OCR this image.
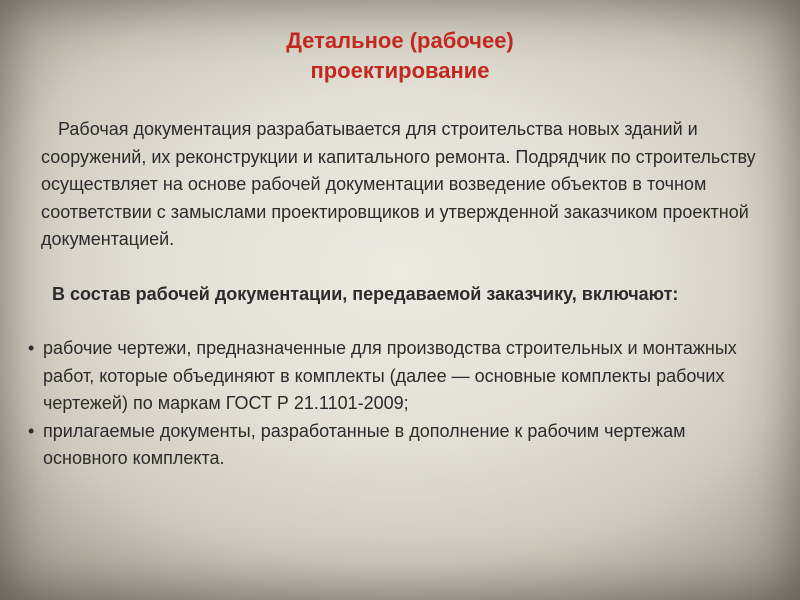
Детальное (рабочее)
проектирование

Рабочая документация разрабатывается для строительства новых зданий и сооружений, их реконструкции и капитального ремонта. Подрядчик по строительству осуществляет на основе рабочей документации возведение объектов в точном соответствии с замыслами проектировщиков и утвержденной заказчиком проектной документацией.

В состав рабочей документации, передаваемой заказчику, включают:

• рабочие чертежи, предназначенные для производства строительных и монтажных работ, которые объединяют в комплекты (далее — основные комплекты рабочих чертежей) по маркам ГОСТ Р 21.1101-2009;
• прилагаемые документы, разработанные в дополнение к рабочим чертежам основного комплекта.
